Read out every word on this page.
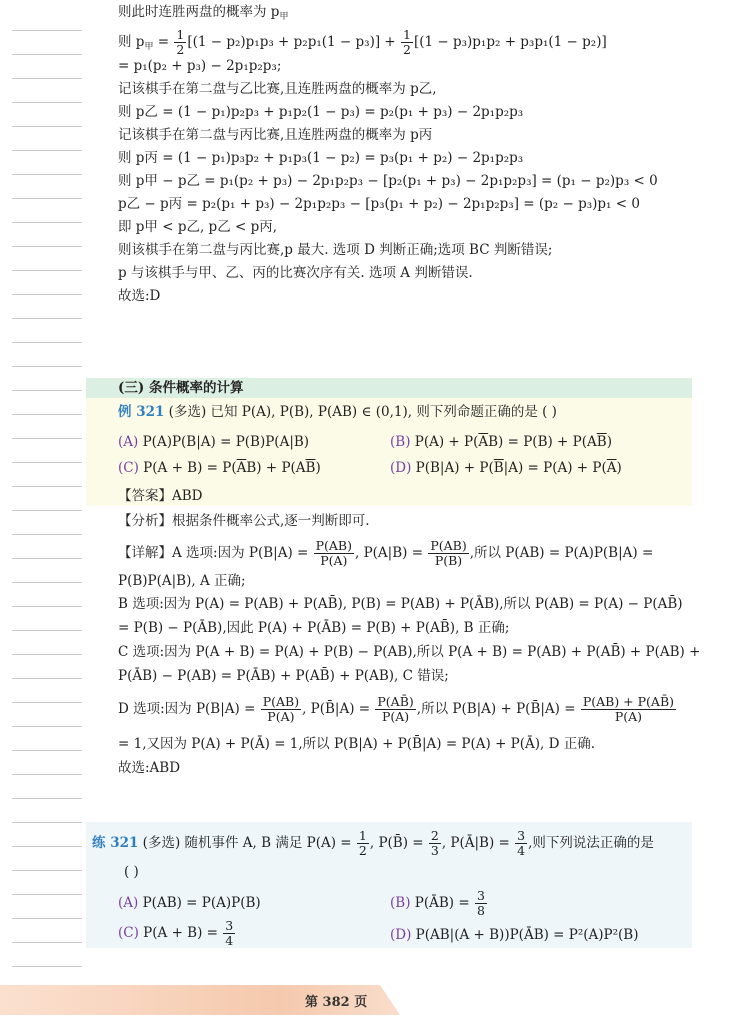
则此时连胜两盘的概率为 $p_甲$
则 $p_甲 = \frac{1}{2} [(1 - p_2)p_1p_3 + p_2p_1(1 - p_3)] + \frac{1}{2} [(1 - p_3)p_1p_2 + p_3p_1(1 - p_2)]$
= p₁(p₂ + p₃) − 2p₁p₂p₃;
记该棋手在第二盘与乙比赛,且连胜两盘的概率为 p乙,
则 p乙 = (1 − p₁)p₂p₃ + p₁p₂(1 − p₃) = p₂(p₁ + p₃) − 2p₁p₂p₃
记该棋手在第二盘与丙比赛,且连胜两盘的概率为 p丙
则 p丙 = (1 − p₁)p₃p₂ + p₁p₃(1 − p₂) = p₃(p₁ + p₂) − 2p₁p₂p₃
则 p甲 − p乙 = p₁(p₂ + p₃) − 2p₁p₂p₃ − [p₂(p₁ + p₃) − 2p₁p₂p₃] = (p₁ − p₂)p₃ < 0
p乙 − p丙 = p₂(p₁ + p₃) − 2p₁p₂p₃ − [p₃(p₁ + p₂) − 2p₁p₂p₃] = (p₂ − p₃)p₁ < 0
即 p甲 < p乙, p乙 < p丙,
则该棋手在第二盘与丙比赛,p 最大. 选项 D 判断正确;选项 BC 判断错误;
p 与该棋手与甲、乙、丙的比赛次序有关. 选项 A 判断错误.
故选:D
(三) 条件概率的计算
例 321 (多选) 已知 P(A), P(B), P(AB) ∈ (0,1), 则下列命题正确的是 ( )
(A) P(A)P(B|A) = P(B)P(A|B)	(B) $P(A) + P(\overline{A}B) = P(B) + P(A\overline{B})$
(C) $P(A + B) = P(\overline{A}B) + P(A\overline{B})$	(D) $P(B|A) + P(\overline{B}|A) = P(A) + P(\overline{A})$
【答案】ABD
【分析】根据条件概率公式,逐一判断即可.
【详解】A 选项:因为 $P(B|A) = \frac{P(AB)}{P(A)}$ , $P(A|B) = \frac{P(AB)}{P(B)}$ ,所以 P(AB) = P(A)P(B|A) =
P(B)P(A|B), A 正确;
B 选项:因为 P(A) = P(AB) + P(AB̄), P(B) = P(AB) + P(ĀB),所以 P(AB) = P(A) − P(AB̄)
= P(B) − P(ĀB),因此 P(A) + P(ĀB) = P(B) + P(AB̄), B 正确;
C 选项:因为 P(A + B) = P(A) + P(B) − P(AB),所以 P(A + B) = P(AB) + P(AB̄) + P(AB) +
P(ĀB) − P(AB) = P(ĀB) + P(AB̄) + P(AB), C 错误;
D 选项:因为 $P(B|A) = \frac{P(AB)}{P(A)}$ , P(B̄|A) = $\frac{P(AB̄)}{P(A)}$ ,所以 P(B|A) + P(B̄|A) = $\frac{P(AB) + P(AB̄)}{P(A)}$
= 1,又因为 P(A) + P(Ā) = 1,所以 P(B|A) + P(B̄|A) = P(A) + P(Ā), D 正确.
故选:ABD
练 321 (多选) 随机事件 A, B 满足 $P(A) = \frac{1}{2}$ , P(B̄) = $\frac{2}{3}$ , P(Ā|B) = $\frac{3}{4}$ ,则下列说法正确的是
( )
(A) P(AB) = P(A)P(B)	(B) P(ĀB) = $\frac{3}{8}$
(C) $P(A + B) = \frac{3}{4}$	(D) P(AB|(A + B))P(ĀB) = P²(A)P²(B)
第 382 页
